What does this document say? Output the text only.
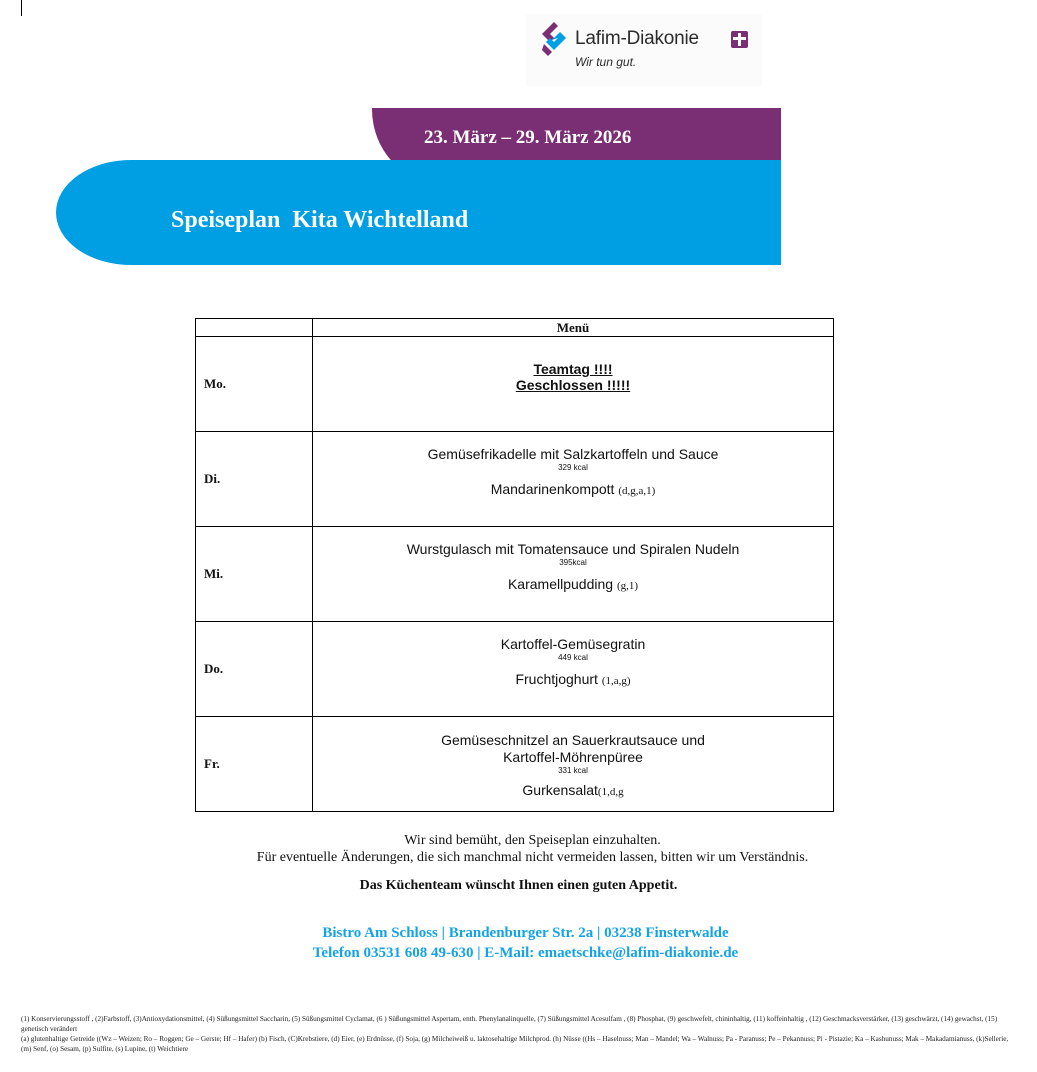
Lafim-Diakonie
Wir tun gut.
23. März – 29. März 2026
Speiseplan  Kita Wichtelland
	Menü
Mo.	Teamtag !!!!
Geschlossen !!!!!

Di.	Gemüsefrikadelle mit Salzkartoffeln und Sauce
329 kcal
Mandarinenkompott (d,g,a,1)

Mi.	Wurstgulasch mit Tomatensauce und Spiralen Nudeln
395kcal
Karamellpudding (g,1)

Do.	Kartoffel-Gemüsegratin
449 kcal
Fruchtjoghurt (1,a,g)

Fr.	Gemüseschnitzel an Sauerkrautsauce und
Kartoffel-Möhrenpüree
331 kcal
Gurkensalat(1,d,g
Wir sind bemüht, den Speiseplan einzuhalten.
Für eventuelle Änderungen, die sich manchmal nicht vermeiden lassen, bitten wir um Verständnis.
Das Küchenteam wünscht Ihnen einen guten Appetit.
Bistro Am Schloss | Brandenburger Str. 2a | 03238 Finsterwalde
Telefon 03531 608 49-630 | E-Mail: emaetschke@lafim-diakonie.de
(1) Konservierungsstoff , (2)Farbstoff, (3)Antioxydationsmittel, (4) Süßungsmittel Saccharin, (5) Süßungsmittel Cyclamat, (6 ) Süßungsmittel Aspertam, enth. Phenylanalinquelle, (7) Süßungsmittel Acesulfam , (8) Phosphat, (9) geschwefelt, chininhaltig, (11) koffeinhaltig , (12) Geschmacksverstärker, (13) geschwärzt, (14) gewachst, (15) genetisch verändert
(a) glutenhaltige Getreide ((Wz – Weizen; Ro – Roggen; Ge – Gerste; Hf – Hafer) (b) Fisch, (C)Krebstiere, (d) Eier, (e) Erdnüsse, (f) Soja, (g) Milcheiweiß u. laktosehaltige Milchprod. (h) Nüsse ((Hs – Haselnuss; Man – Mandel; Wa – Walnuss; Pa - Paranuss; Pe – Pekannuss; Pi - Pistazie; Ka – Kashunuss; Mak – Makadamianuss, (k)Sellerie, (m) Senf, (o) Sesam, (p) Sulfite, (s) Lupine, (t) Weichtiere
